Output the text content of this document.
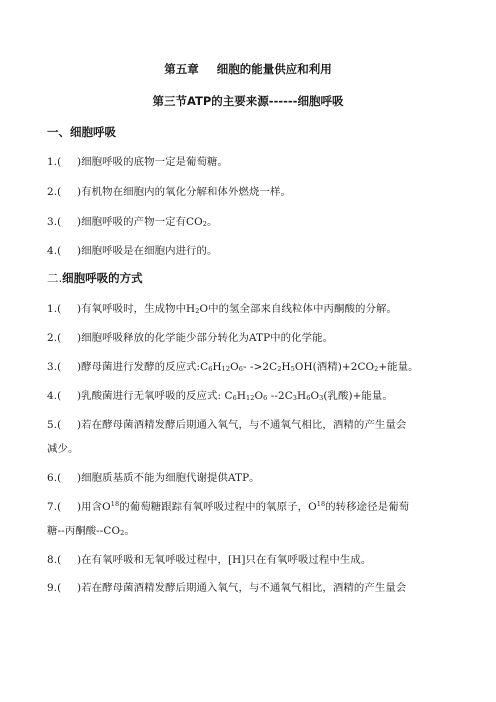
第五章 细胞的能量供应和利用
第三节ATP的主要来源------细胞呼吸
一、细胞呼吸
1.( )细胞呼吸的底物一定是葡萄糖。
2.( )有机物在细胞内的氧化分解和体外燃烧一样。
3.( )细胞呼吸的产物一定有$CO_2$。
4.( )细胞呼吸是在细胞内进行的。
二.细胞呼吸的方式
1.( )有氧呼吸时，生成物中$H_2O$中的氢全部来自线粒体中丙酮酸的分解。
2.( )细胞呼吸释放的化学能少部分转化为ATP中的化学能。
3.( )酵母菌进行发酵的反应式$:C_6H_{12}O_6-$ $->2C_2H_5OH$(酒精)$+2CO_2+$能量。
4.( )乳酸菌进行无氧呼吸的反应式: $C_6H_{12}O_6$ $--2C_3H_6O_3$(乳酸)+能量。
5.( )若在酵母菌酒精发酵后期通入氧气，与不通氧气相比，酒精的产生量会
减少。
6.( )细胞质基质不能为细胞代谢提供ATP。
7.( )用含$O^{18}$的葡萄糖跟踪有氧呼吸过程中的氧原子，$O^{18}$的转移途径是葡萄
糖--丙酮酸$--CO_2$。
8.( )在有氧呼吸和无氧呼吸过程中，[H]只在有氧呼吸过程中生成。
9.( )若在酵母菌酒精发酵后期通入氧气，与不通氧气相比，酒精的产生量会
